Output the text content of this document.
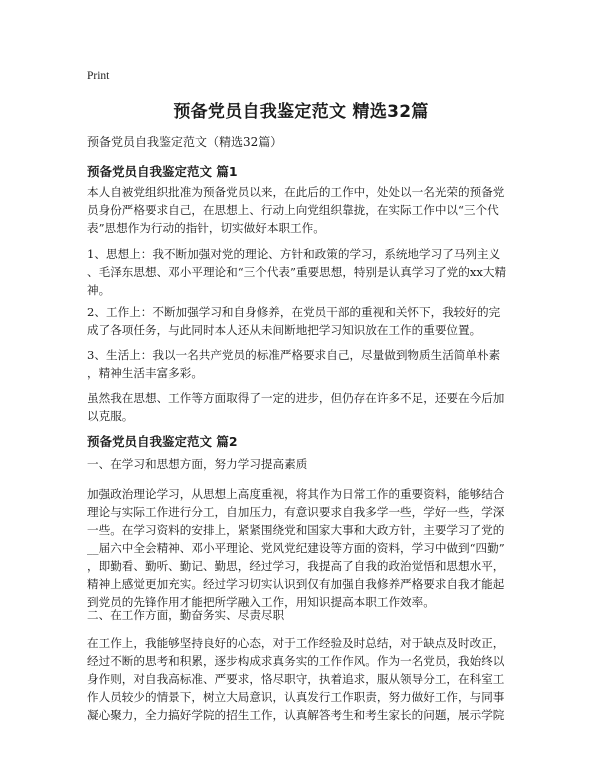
Print
预备党员自我鉴定范文 精选32篇
预备党员自我鉴定范文（精选32篇）
预备党员自我鉴定范文 篇1
本人自被党组织批准为预备党员以来，在此后的工作中，处处以一名光荣的预备党
员身份严格要求自己，在思想上、行动上向党组织靠拢，在实际工作中以“三个代
表”思想作为行动的指针，切实做好本职工作。
1、思想上：我不断加强对党的理论、方针和政策的学习，系统地学习了马列主义
、毛泽东思想、邓小平理论和“三个代表”重要思想，特别是认真学习了党的xx大精
神。
2、工作上：不断加强学习和自身修养，在党员干部的重视和关怀下，我较好的完
成了各项任务，与此同时本人还从未间断地把学习知识放在工作的重要位置。
3、生活上：我以一名共产党员的标准严格要求自己，尽量做到物质生活简单朴素
，精神生活丰富多彩。
虽然我在思想、工作等方面取得了一定的进步，但仍存在许多不足，还要在今后加
以克服。
预备党员自我鉴定范文 篇2
一、在学习和思想方面，努力学习提高素质
加强政治理论学习，从思想上高度重视，将其作为日常工作的重要资料，能够结合
理论与实际工作进行分工，自加压力，有意识要求自我多学一些，学好一些，学深
一些。在学习资料的安排上，紧紧围绕党和国家大事和大政方针，主要学习了党的
__届六中全会精神、邓小平理论、党风党纪建设等方面的资料，学习中做到“四勤”
，即勤看、勤听、勤记、勤思，经过学习，我提高了自我的政治觉悟和思想水平，
精神上感觉更加充实。经过学习切实认识到仅有加强自我修养严格要求自我才能起
到党员的先锋作用才能把所学融入工作，用知识提高本职工作效率。
二、在工作方面，勤奋务实、尽责尽职
在工作上，我能够坚持良好的心态，对于工作经验及时总结，对于缺点及时改正，
经过不断的思考和积累，逐步构成求真务实的工作作风。作为一名党员，我始终以
身作则，对自我高标准、严要求，恪尽职守，执着追求，服从领导分工，在科室工
作人员较少的情景下，树立大局意识，认真发行工作职责，努力做好工作，与同事
凝心聚力，全力搞好学院的招生工作，认真解答考生和考生家长的问题，展示学院
